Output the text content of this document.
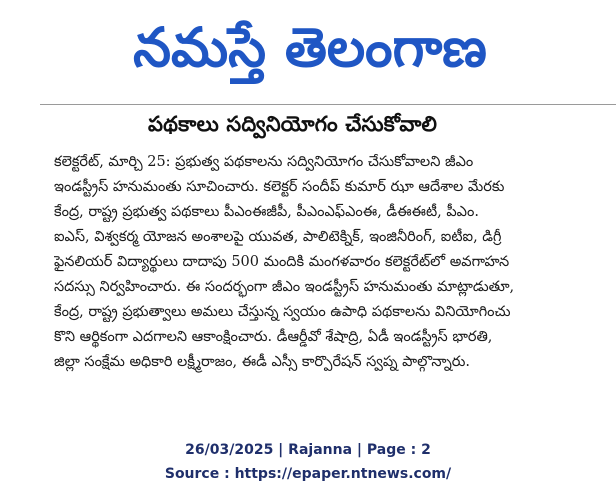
నమస్తే తెలంగాణ
పథకాలు సద్వినియోగం చేసుకోవాలి
కలెక్టరేట్‌, మార్చి 25: ప్రభుత్వ పథకాలను సద్వినియోగం చేసుకోవాలని జీఎం
ఇండస్ట్రీస్‌ హనుమంతు సూచించారు. కలెక్టర్‌ సందీప్‌ కుమార్‌ ఝా ఆదేశాల మేరకు
కేంద్ర, రాష్ట్ర ప్రభుత్వ పథకాలు పీఎంఈజీపీ, పీఎంఎఫ్‌ఎంఈ, డీఈఈటీ, పీఎం.
ఐఎస్‌, విశ్వకర్మ యోజన అంశాలపై యువత, పాలిటెక్నిక్‌, ఇంజినీరింగ్‌, ఐటీఐ, డిగ్రీ
ఫైనలియర్‌ విద్యార్థులు దాదాపు 500 మందికి మంగళవారం కలెక్టరేట్‌లో అవగాహన
సదస్సు నిర్వహించారు. ఈ సందర్భంగా జీఎం ఇండస్ట్రీస్‌ హనుమంతు మాట్లాడుతూ,
కేంద్ర, రాష్ట్ర ప్రభుత్వాలు అమలు చేస్తున్న స్వయం ఉపాధి పథకాలను వినియోగించు
కొని ఆర్థికంగా ఎదగాలని ఆకాంక్షించారు. డీఆర్డీవో శేషాద్రి, ఏడీ ఇండస్ట్రీస్‌ భారతి,
జిల్లా సంక్షేమ అధికారి లక్ష్మీరాజం, ఈడీ ఎస్సీ కార్పొరేషన్‌ స్వప్న పాల్గొన్నారు.
26/03/2025 | Rajanna | Page : 2
Source : https://epaper.ntnews.com/
